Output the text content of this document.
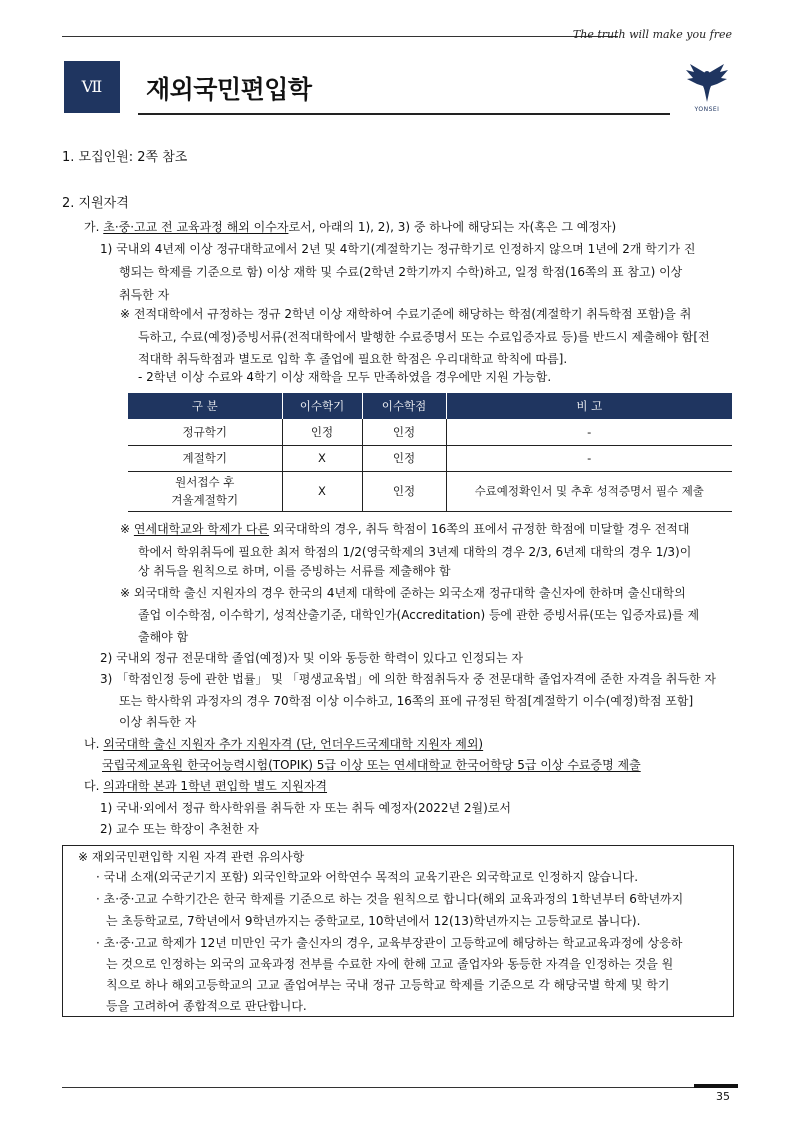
The truth will make you free
Ⅶ	재외국민편입학
YONSEI
1. 모집인원: 2쪽 참조
2. 지원자격
가. 초·중·고교 전 교육과정 해외 이수자로서, 아래의 1), 2), 3) 중 하나에 해당되는 자(혹은 그 예정자)
1) 국내외 4년제 이상 정규대학교에서 2년 및 4학기(계절학기는 정규학기로 인정하지 않으며 1년에 2개 학기가 진
행되는 학제를 기준으로 함) 이상 재학 및 수료(2학년 2학기까지 수학)하고, 일정 학점(16쪽의 표 참고) 이상
취득한 자
※ 전적대학에서 규정하는 정규 2학년 이상 재학하여 수료기준에 해당하는 학점(계절학기 취득학점 포함)을 취
득하고, 수료(예정)증빙서류(전적대학에서 발행한 수료증명서 또는 수료입증자료 등)를 반드시 제출해야 함[전
적대학 취득학점과 별도로 입학 후 졸업에 필요한 학점은 우리대학교 학칙에 따름].
- 2학년 이상 수료와 4학기 이상 재학을 모두 만족하였을 경우에만 지원 가능함.
구 분	이수학기	이수학점	비 고
정규학기	인정	인정	-
계절학기	X	인정	-

원서접수 후
겨울계절학기	X	인정	수료예정확인서 및 추후 성적증명서 필수 제출
※ 연세대학교와 학제가 다른 외국대학의 경우, 취득 학점이 16쪽의 표에서 규정한 학점에 미달할 경우 전적대
학에서 학위취득에 필요한 최저 학점의 1/2(영국학제의 3년제 대학의 경우 2/3, 6년제 대학의 경우 1/3)이
상 취득을 원칙으로 하며, 이를 증빙하는 서류를 제출해야 함
※ 외국대학 출신 지원자의 경우 한국의 4년제 대학에 준하는 외국소재 정규대학 출신자에 한하며 출신대학의
졸업 이수학점, 이수학기, 성적산출기준, 대학인가(Accreditation) 등에 관한 증빙서류(또는 입증자료)를 제
출해야 함
2) 국내외 정규 전문대학 졸업(예정)자 및 이와 동등한 학력이 있다고 인정되는 자
3) 「학점인정 등에 관한 법률」 및 「평생교육법」에 의한 학점취득자 중 전문대학 졸업자격에 준한 자격을 취득한 자
또는 학사학위 과정자의 경우 70학점 이상 이수하고, 16쪽의 표에 규정된 학점[계절학기 이수(예정)학점 포함]
이상 취득한 자
나. 외국대학 출신 지원자 추가 지원자격 (단, 언더우드국제대학 지원자 제외)
국립국제교육원 한국어능력시험(TOPIK) 5급 이상 또는 연세대학교 한국어학당 5급 이상 수료증명 제출
다. 의과대학 본과 1학년 편입학 별도 지원자격
1) 국내·외에서 정규 학사학위를 취득한 자 또는 취득 예정자(2022년 2월)로서
2) 교수 또는 학장이 추천한 자
※ 재외국민편입학 지원 자격 관련 유의사항
· 국내 소재(외국군기지 포함) 외국인학교와 어학연수 목적의 교육기관은 외국학교로 인정하지 않습니다.
· 초·중·고교 수학기간은 한국 학제를 기준으로 하는 것을 원칙으로 합니다(해외 교육과정의 1학년부터 6학년까지
는 초등학교로, 7학년에서 9학년까지는 중학교로, 10학년에서 12(13)학년까지는 고등학교로 봅니다).
· 초·중·고교 학제가 12년 미만인 국가 출신자의 경우, 교육부장관이 고등학교에 해당하는 학교교육과정에 상응하
는 것으로 인정하는 외국의 교육과정 전부를 수료한 자에 한해 고교 졸업자와 동등한 자격을 인정하는 것을 원
칙으로 하나 해외고등학교의 고교 졸업여부는 국내 정규 고등학교 학제를 기준으로 각 해당국별 학제 및 학기
등을 고려하여 종합적으로 판단합니다.
35
